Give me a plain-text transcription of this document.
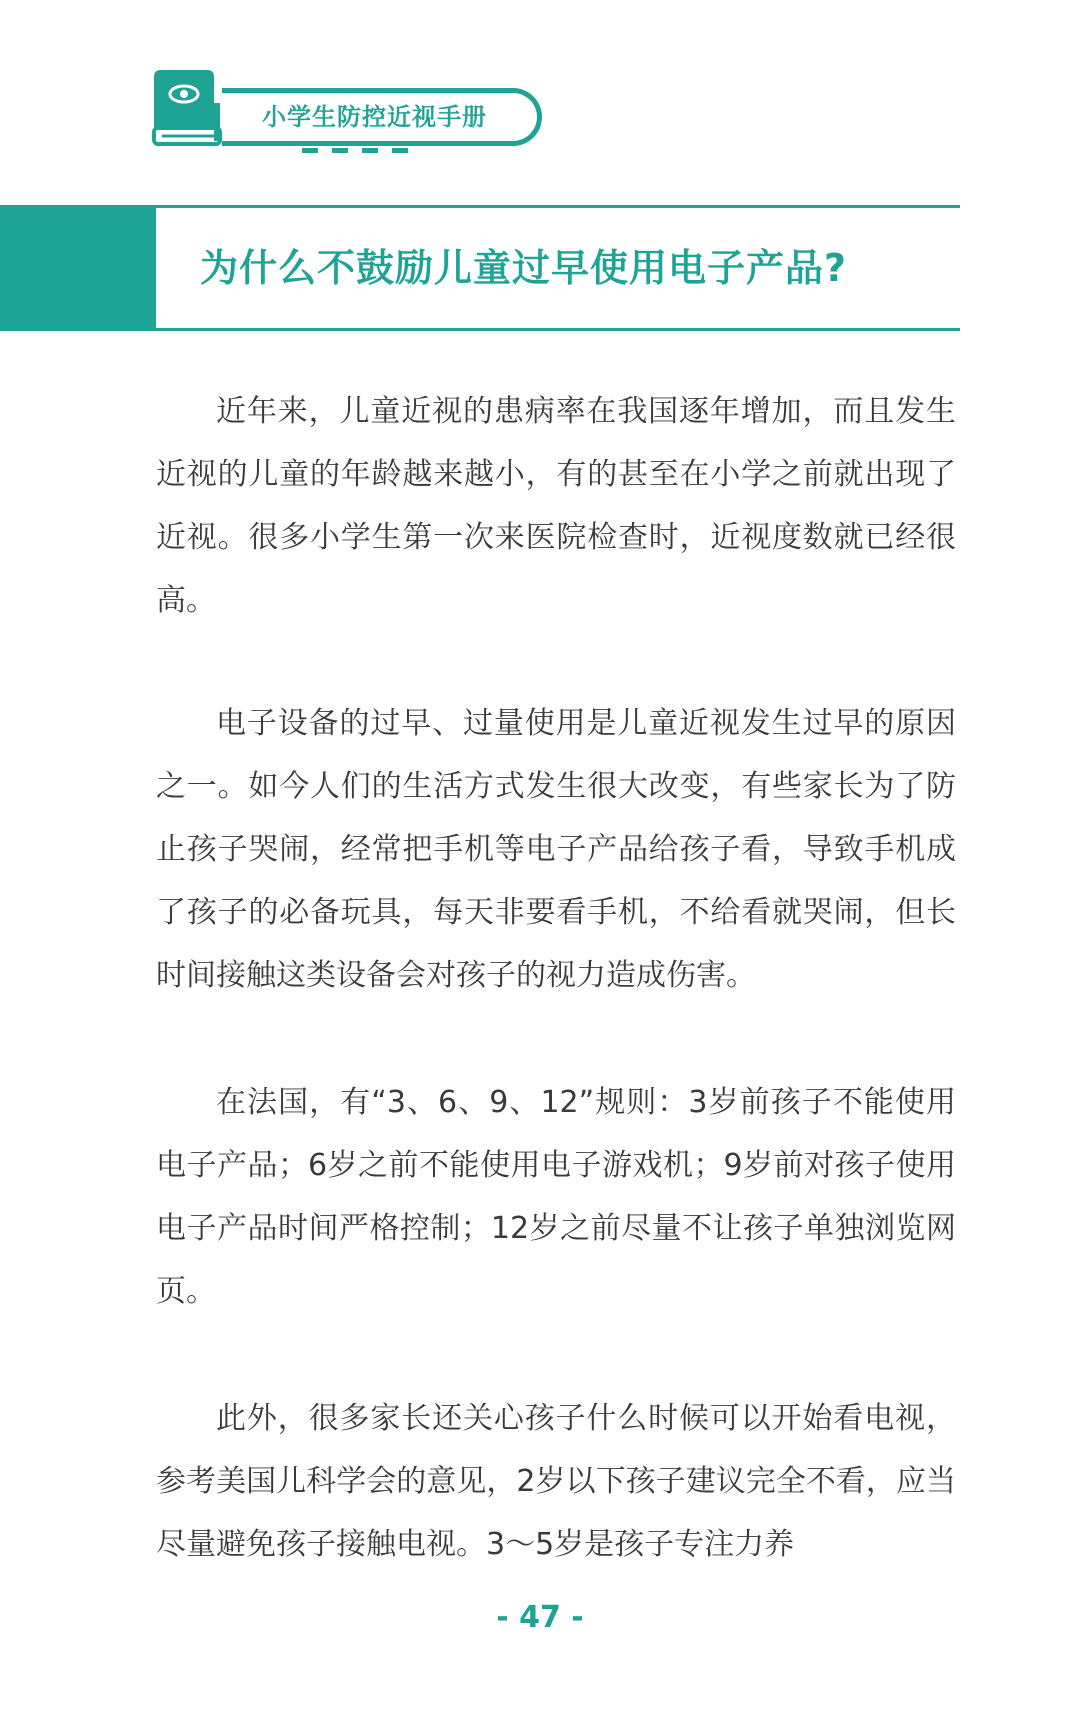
小学生防控近视手册
为什么不鼓励儿童过早使用电子产品?

近年来，儿童近视的患病率在我国逐年增加，而且发生近视的儿童的年龄越来越小，有的甚至在小学之前就出现了近视。很多小学生第一次来医院检查时，近视度数就已经很高。

电子设备的过早、过量使用是儿童近视发生过早的原因之一。如今人们的生活方式发生很大改变，有些家长为了防止孩子哭闹，经常把手机等电子产品给孩子看，导致手机成了孩子的必备玩具，每天非要看手机，不给看就哭闹，但长时间接触这类设备会对孩子的视力造成伤害。

在法国，有“3、6、9、12”规则：3岁前孩子不能使用电子产品；6岁之前不能使用电子游戏机；9岁前对孩子使用电子产品时间严格控制；12岁之前尽量不让孩子单独浏览网页。

此外，很多家长还关心孩子什么时候可以开始看电视，参考美国儿科学会的意见，2岁以下孩子建议完全不看，应当尽量避免孩子接触电视。3～5岁是孩子专注力养

- 47 -
